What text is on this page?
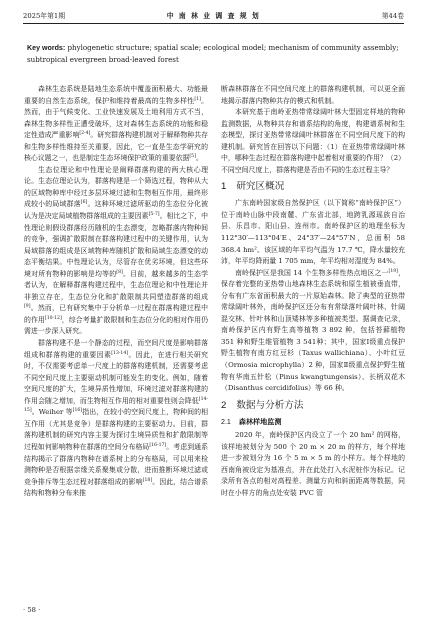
2025年第1期	中 南 林 业 调 查 规 划	第44卷
Key words: phylogenetic structure; spatial scale; ecological model; mechanism of community assembly; subtropical evergreen broad-leaved forest

森林生态系统是陆地生态系统中覆盖面积最大、功能最重要的自然生态系统，保护和维持着最高的生物多样性[1]。然而，由于气候变化、工业快速发展及土地利用方式不当，森林生物多样性正遭受破坏，这对森林生态系统的功能和稳定性造成严重影响[2-4]。研究群落构建机制对于解释物种共存和生物多样性维持至关重要，因此，它一直是生态学研究的核心议题之一，也是制定生态环境保护政策的重要依据[5]。

生态位理论和中性理论是阐释群落构建的两大核心理论。生态位理论认为，群落构建是一个筛选过程，物种从大的区域物种库中经过多层环境过滤和生物相互作用，最终形成较小的局域群落[6]。这种环境过滤所驱动的生态位分化被认为是决定局域植物群落组成的主要因素[5-7]。相比之下，中性理论则假设群落经历随机的生态漂变，忽略群落内物种间的竞争，强调扩散限制在群落构建过程中的关键作用，认为局域群落的组成是区域物种库随机扩散和局域生态漂变的动态平衡结果。中性理论认为，尽管存在优劣环境，但这些环境对所有物种的影响是均等的[8]。目前，越来越多的生态学者认为，在解释群落构建过程中，生态位理论和中性理论并非独立存在，生态位分化和扩散限制共同塑造群落的组成[9]。然而，已有研究集中于分析单一过程在群落构建过程中的作用[10-12]，综合考量扩散限制和生态位分化的相对作用仍需进一步深入研究。

群落构建不是一个静态的过程，而空间尺度是影响群落组成和群落构建的重要因素[13-14]。因此，在进行相关研究时，不仅需要考虑单一尺度上的群落构建机制，还需要考虑不同空间尺度上主要驱动机制可能发生的变化。例如，随着空间尺度的扩大，生境异质性增加，环境过滤对群落构建的作用会随之增加，而生物相互作用的相对重要性则会降低[14-15]。Weiher 等[16]指出，在较小的空间尺度上，物种间的相互作用（尤其是竞争）是群落构建的主要驱动力。目前，群落构建机制的研究内容主要为探讨生境异质性和扩散限制等过程如何影响物种在群落的空间分布格局[16-17]。考虑到通系结构揭示了群落内物种在谱系树上的分布格局，可以用来检测物种是否根据亲缘关系聚集或分散，进而推断环境过滤或竞争排斥等生态过程对群落组成的影响[18]。因此，结合谱系结构和物种分布来推

断森林群落在不同空间尺度上的群落构建机制，可以更全面地揭示群落内物种共存的模式和机制。

本研究基于南岭亚热带常绿阔叶林大型固定样地的物种监测数据，从物种共存和谱系结构的角度，构建谱系树和生态模型，探讨亚热带常绿阔叶林群落在不同空间尺度下的构建机制。研究旨在回答以下问题：（1）在亚热带常绿阔叶林中，哪种生态过程在群落构建中起着相对重要的作用？（2）不同空间尺度上，群落构建是否由不同的生态过程主导？

1 研究区概况

广东南岭国家级自然保护区（以下简称“南岭保护区”）位于南岭山脉中段南麓、广东省北部，地跨乳源瑶族自治县、乐昌市、阳山县、连州市。南岭保护区的地理坐标为 112°30′—113°04′E、24°37′—24°57′N，总面积 58 368.4 hm²。该区域的年平均气温为 17.7 ℃，降水量较充沛，年平均降雨量 1 705 mm，年平均相对湿度为 84%。

南岭保护区是我国 14 个生物多样性热点地区之一[19]，保存着完整的亚热带山地森林生态系统和原生植被垂直带，分布有广东省面积最大的一片原始森林。除了典型的亚热带常绿阔叶林外，南岭保护区还分布有常绿落叶阔叶林、针阔混交林、针叶林和山顶矮林等多种植被类型。据调查记录，南岭保护区内有野生高等植物 3 892 种，包括苔藓植物 351 种和野生维管植物 3 541种；其中，国家Ⅰ级重点保护野生植物有南方红豆杉（Taxus wallichiana）、小叶红豆（Ormosia microphylla）2 种，国家Ⅱ级重点保护野生植物有华南五针松（Pinus kwangtungensis）、长柄双花木（Disanthus cercidifolius）等 66 种。

2 数据与分析方法
2.1 森林样地监测

2020 年，南岭保护区内设立了一个 20 hm² 的网格，该样地被划分为 500 个 20 m × 20 m 的样方，每个样地进一步被划分为 16 个 5 m × 5 m 的小样方。每个样地的西南角被设定为基准点，并在此处打入水泥桩作为标记。记录所有各点的相对高程差、测量方向和斜面距离等数据，同时在小样方的角点处安装 PVC 管

· 58 ·
